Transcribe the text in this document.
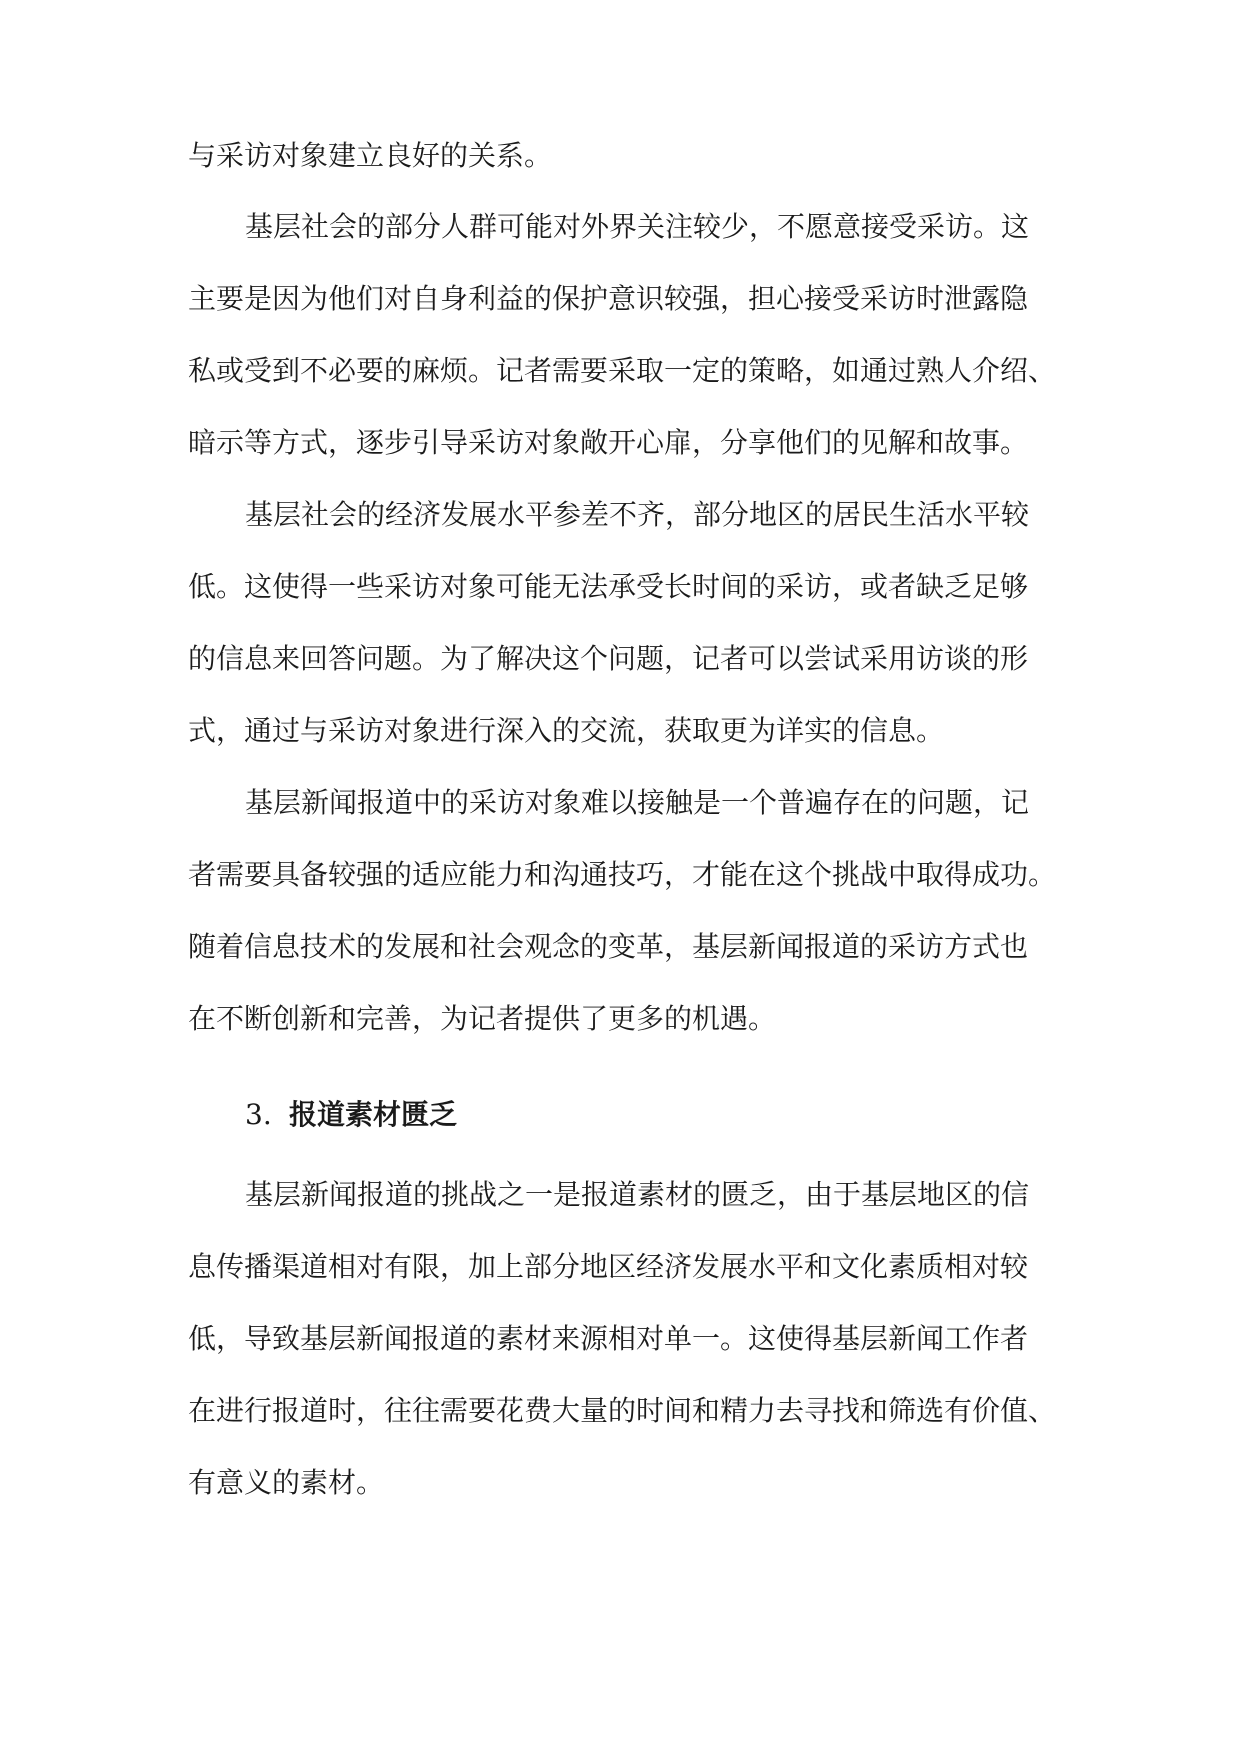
与采访对象建立良好的关系。
基层社会的部分人群可能对外界关注较少，不愿意接受采访。这
主要是因为他们对自身利益的保护意识较强，担心接受采访时泄露隐
私或受到不必要的麻烦。记者需要采取一定的策略，如通过熟人介绍、
暗示等方式，逐步引导采访对象敞开心扉，分享他们的见解和故事。
基层社会的经济发展水平参差不齐，部分地区的居民生活水平较
低。这使得一些采访对象可能无法承受长时间的采访，或者缺乏足够
的信息来回答问题。为了解决这个问题，记者可以尝试采用访谈的形
式，通过与采访对象进行深入的交流，获取更为详实的信息。
基层新闻报道中的采访对象难以接触是一个普遍存在的问题，记
者需要具备较强的适应能力和沟通技巧，才能在这个挑战中取得成功。
随着信息技术的发展和社会观念的变革，基层新闻报道的采访方式也
在不断创新和完善，为记者提供了更多的机遇。
3. 报道素材匮乏
基层新闻报道的挑战之一是报道素材的匮乏，由于基层地区的信
息传播渠道相对有限，加上部分地区经济发展水平和文化素质相对较
低，导致基层新闻报道的素材来源相对单一。这使得基层新闻工作者
在进行报道时，往往需要花费大量的时间和精力去寻找和筛选有价值、
有意义的素材。
